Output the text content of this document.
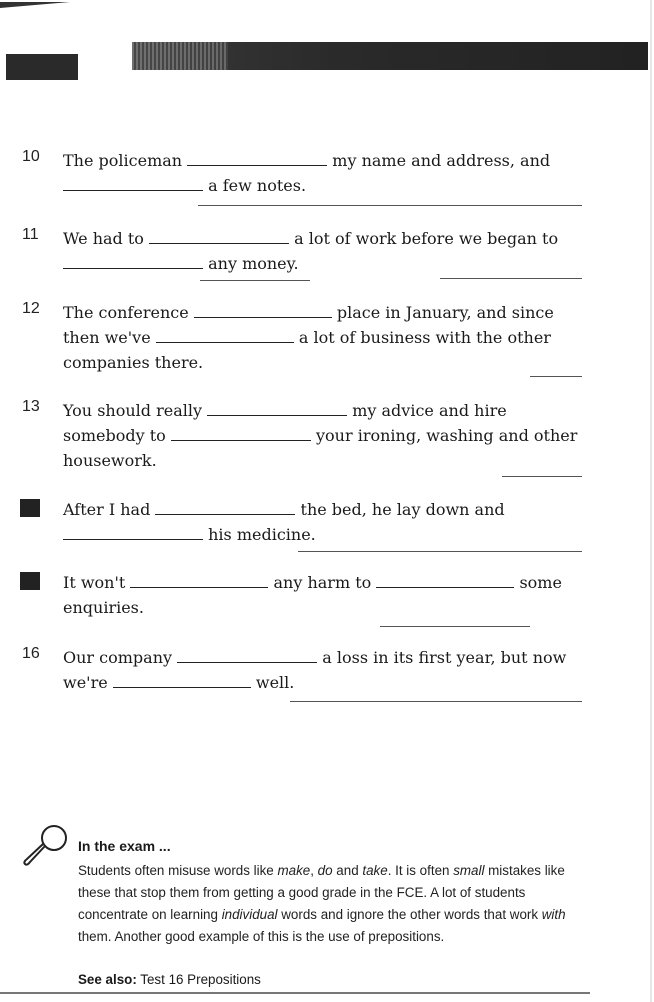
10	The policeman	my name and address, and
a few notes.
11	We had to	a lot of work before we began to
any money.
12	The conference	place in January, and since
then we've	a lot of business with the other
companies there.
13	You should really	my advice and hire
somebody to	your ironing, washing and other
housework.
14 After I had	the bed, he lay down and
his medicine.
15 It won't	any harm to	some
enquiries.
16	Our company	a loss in its first year, but now
we're	well.
In the exam ...
Students often misuse words like make, do and take. It is often small mistakes like these that stop them from getting a good grade in the FCE. A lot of students concentrate on learning individual words and ignore the other words that work with them. Another good example of this is the use of prepositions.
See also: Test 16 Prepositions
